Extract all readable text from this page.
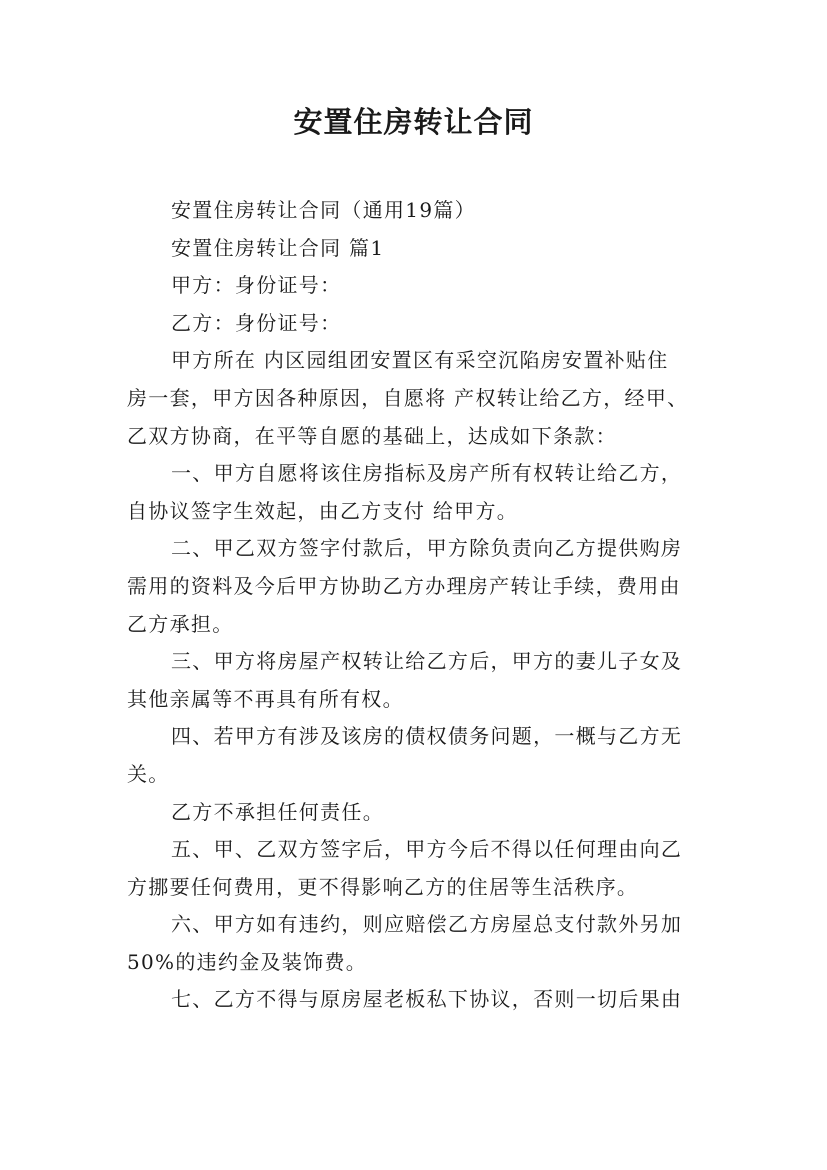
安置住房转让合同
安置住房转让合同（通用19篇）
安置住房转让合同 篇1
甲方：身份证号：
乙方：身份证号：
甲方所在 内区园组团安置区有采空沉陷房安置补贴住
房一套，甲方因各种原因，自愿将 产权转让给乙方，经甲、
乙双方协商，在平等自愿的基础上，达成如下条款：
一、甲方自愿将该住房指标及房产所有权转让给乙方，
自协议签字生效起，由乙方支付 给甲方。
二、甲乙双方签字付款后，甲方除负责向乙方提供购房
需用的资料及今后甲方协助乙方办理房产转让手续，费用由
乙方承担。
三、甲方将房屋产权转让给乙方后，甲方的妻儿子女及
其他亲属等不再具有所有权。
四、若甲方有涉及该房的债权债务问题，一概与乙方无
关。
乙方不承担任何责任。
五、甲、乙双方签字后，甲方今后不得以任何理由向乙
方挪要任何费用，更不得影响乙方的住居等生活秩序。
六、甲方如有违约，则应赔偿乙方房屋总支付款外另加
50%的违约金及装饰费。
七、乙方不得与原房屋老板私下协议，否则一切后果由
